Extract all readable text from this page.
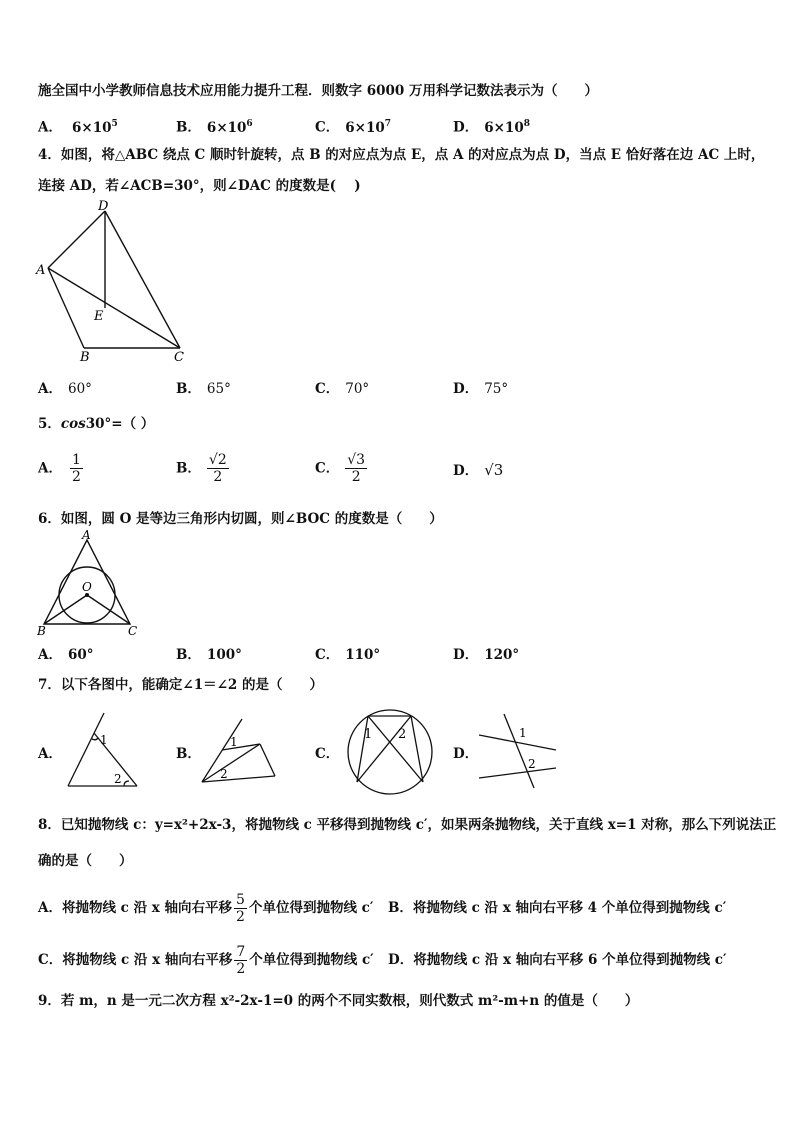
施全国中小学教师信息技术应用能力提升工程．则数字 6000 万用科学记数法表示为（　　）
A． $6\times 10^5$	B． $6\times 10^6$	C． $6\times 10^7$	D． $6\times 10^8$
4．如图，将△ABC 绕点 C 顺时针旋转，点 B 的对应点为点 E，点 A 的对应点为点 D，当点 E 恰好落在边 AC 上时，
连接 AD，若∠ACB=30°，则∠DAC 的度数是(　 )
D
A
E
B	C
A． 60°	B． 65°	C． 70°	D． 75°
5．cos30°=（ ）
A． $\frac{1}{2}$	B． $\frac{√2}{2}$	C． $\frac{√3}{2}$	D． √3
6．如图，圆 O 是等边三角形内切圆，则∠BOC 的度数是（　　）
A
O
B	C
A． 60°	B． 100°	C． 110°	D． 120°
7．以下各图中，能确定∠1＝∠2 的是（　　）
A．
1
2
B．
1
2
C．
1 2
D．
1
2
8．已知抛物线 c：y=x²+2x-3，将抛物线 c 平移得到抛物线 c′，如果两条抛物线，关于直线 x=1 对称，那么下列说法正
确的是（　　）
A．将抛物线 c 沿 x 轴向右平移 $\frac{5}{2}$ 个单位得到抛物线 c′ B．将抛物线 c 沿 x 轴向右平移 4 个单位得到抛物线 c′
C．将抛物线 c 沿 x 轴向右平移 $\frac{7}{2}$ 个单位得到抛物线 c′ D．将抛物线 c 沿 x 轴向右平移 6 个单位得到抛物线 c′
9．若 m，n 是一元二次方程 x²-2x-1=0 的两个不同实数根，则代数式 m²-m+n 的值是（　　）
